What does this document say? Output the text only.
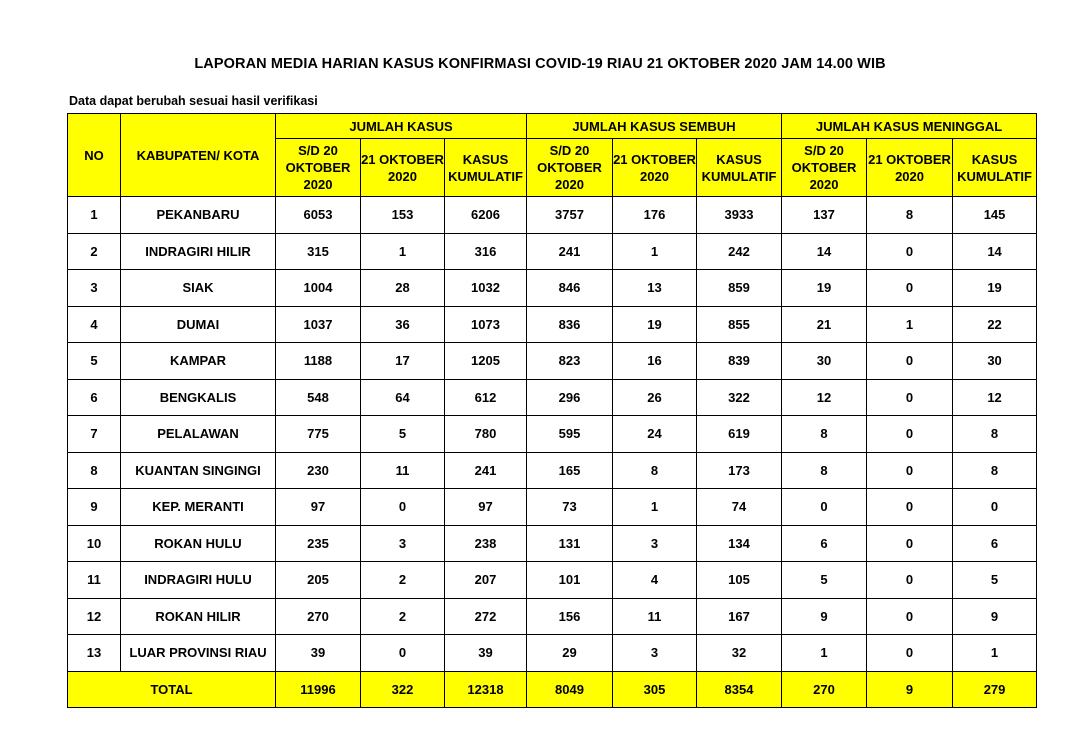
LAPORAN MEDIA HARIAN KASUS KONFIRMASI COVID-19 RIAU 21 OKTOBER 2020 JAM 14.00 WIB
Data dapat berubah sesuai hasil verifikasi
NO	KABUPATEN/ KOTA	JUMLAH KASUS			JUMLAH KASUS SEMBUH			JUMLAH KASUS MENINGGAL		
		S/D 20
OKTOBER
2020	21 OKTOBER
2020	KASUS
KUMULATIF	S/D 20
OKTOBER
2020	21 OKTOBER
2020	KASUS
KUMULATIF	S/D 20
OKTOBER
2020	21 OKTOBER
2020	KASUS
KUMULATIF
1	PEKANBARU	6053	153	6206	3757	176	3933	137	8	145
2	INDRAGIRI HILIR	315	1	316	241	1	242	14	0	14
3	SIAK	1004	28	1032	846	13	859	19	0	19
4	DUMAI	1037	36	1073	836	19	855	21	1	22
5	KAMPAR	1188	17	1205	823	16	839	30	0	30
6	BENGKALIS	548	64	612	296	26	322	12	0	12
7	PELALAWAN	775	5	780	595	24	619	8	0	8
8	KUANTAN SINGINGI	230	11	241	165	8	173	8	0	8
9	KEP. MERANTI	97	0	97	73	1	74	0	0	0
10	ROKAN HULU	235	3	238	131	3	134	6	0	6
11	INDRAGIRI HULU	205	2	207	101	4	105	5	0	5
12	ROKAN HILIR	270	2	272	156	11	167	9	0	9
13	LUAR PROVINSI RIAU	39	0	39	29	3	32	1	0	1
TOTAL		11996	322	12318	8049	305	8354	270	9	279
